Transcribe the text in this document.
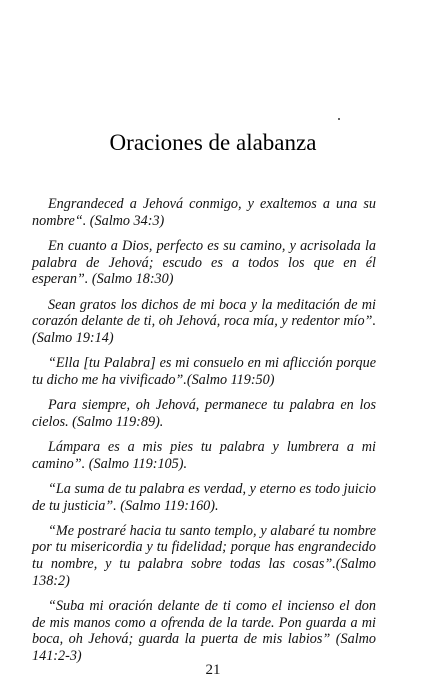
Oraciones de alabanza

Engrandeced a Jehová conmigo, y exaltemos a una su nombre“. (Salmo 34:3)

En cuanto a Dios, perfecto es su camino, y acrisolada la palabra de Jehová; escudo es a todos los que en él esperan”. (Salmo 18:30)

Sean gratos los dichos de mi boca y la meditación de mi corazón delante de ti, oh Jehová, roca mía, y redentor mío”. (Salmo 19:14)

“Ella [tu Palabra] es mi consuelo en mi aflicción porque tu dicho me ha vivificado”.(Salmo 119:50)

Para siempre, oh Jehová, permanece tu palabra en los cielos. (Salmo 119:89).

Lámpara es a mis pies tu palabra y lumbrera a mi camino”. (Salmo 119:105).

“La suma de tu palabra es verdad, y eterno es todo juicio de tu justicia”. (Salmo 119:160).

“Me postraré hacia tu santo templo, y alabaré tu nombre por tu misericordia y tu fidelidad; porque has engrandecido tu nombre, y tu palabra sobre todas las cosas”.(Salmo 138:2)

“Suba mi oración delante de ti como el incienso el don de mis manos como a ofrenda de la tarde. Pon guarda a mi boca, oh Jehová; guarda la puerta de mis labios” (Salmo 141:2-3)

21
